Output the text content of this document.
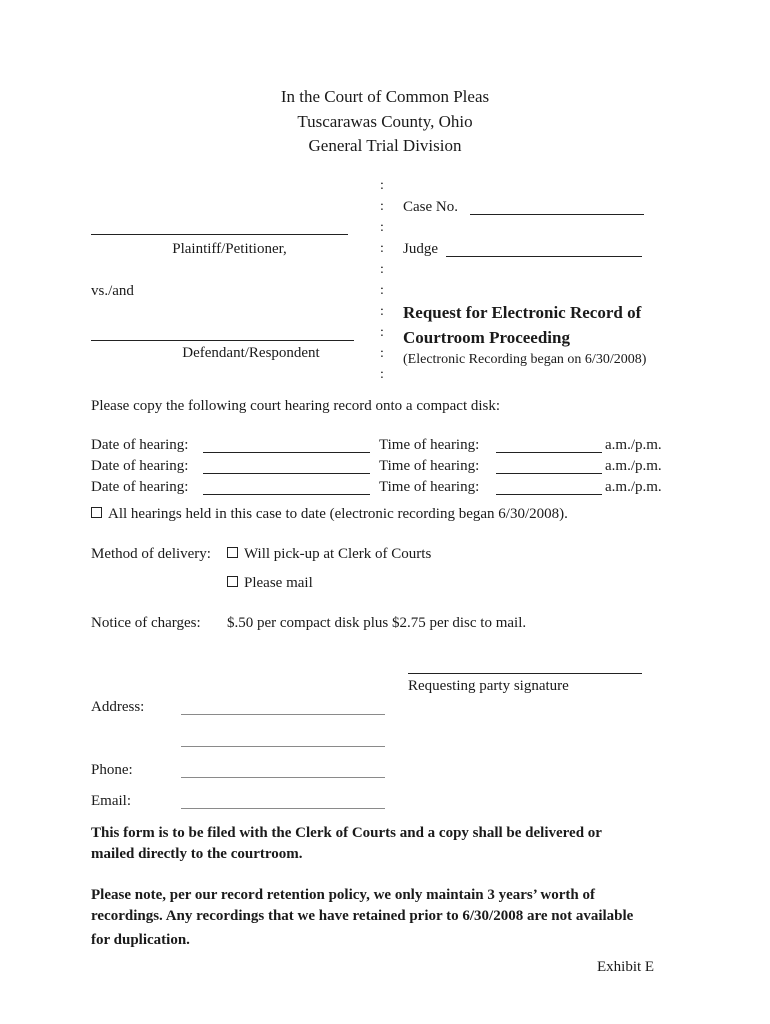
In the Court of Common Pleas
Tuscarawas County, Ohio
General Trial Division
:
:
:
:
:
:
:
:
:
:
Plaintiff/Petitioner,
vs./and
Defendant/Respondent
Case No.
Judge
Request for Electronic Record of
Courtroom Proceeding
(Electronic Recording began on 6/30/2008)
Please copy the following court hearing record onto a compact disk:
Date of hearing:	Time of hearing:	a.m./p.m.
Date of hearing:	Time of hearing:	a.m./p.m.
Date of hearing:	Time of hearing:	a.m./p.m.
All hearings held in this case to date (electronic recording began 6/30/2008).
Method of delivery:	Will pick-up at Clerk of Courts
Please mail
Notice of charges: $.50 per compact disk plus $2.75 per disc to mail.
Requesting party signature
Address:
Phone:
Email:
This form is to be filed with the Clerk of Courts and a copy shall be delivered or
mailed directly to the courtroom.
Please note, per our record retention policy, we only maintain 3 years’ worth of
recordings. Any recordings that we have retained prior to 6/30/2008 are not available
for duplication.
Exhibit E
